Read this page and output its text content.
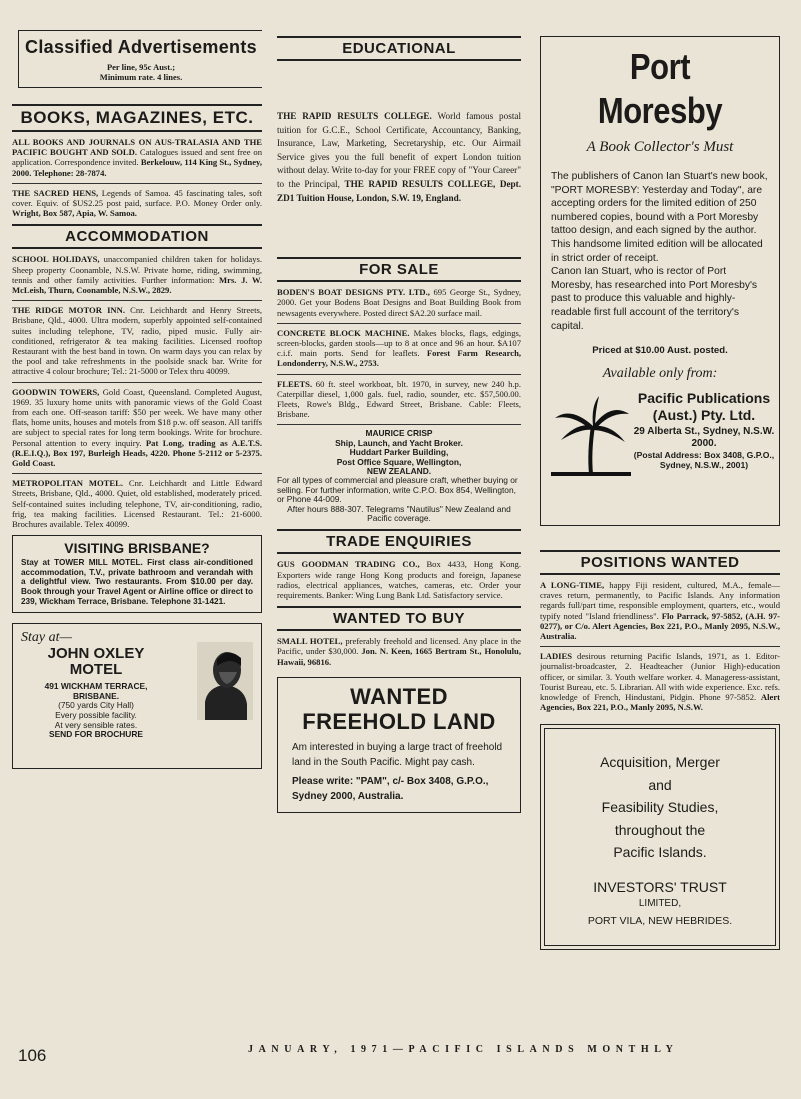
Classified Advertisements
Per line, 95c Aust.;
Minimum rate. 4 lines.
BOOKS, MAGAZINES, ETC.

ALL BOOKS AND JOURNALS ON AUS-TRALASIA AND THE PACIFIC BOUGHT AND SOLD. Catalogues issued and sent free on application. Correspondence invited. Berkelouw, 114 King St., Sydney, 2000. Telephone: 28-7874.

THE SACRED HENS, Legends of Samoa. 45 fascinating tales, soft cover. Equiv. of $US2.25 post paid, surface. P.O. Money Order only. Wright, Box 587, Apia, W. Samoa.

ACCOMMODATION

SCHOOL HOLIDAYS, unaccompanied children taken for holidays. Sheep property Coonamble, N.S.W. Private home, riding, swimming, tennis and other family activities. Further information: Mrs. J. W. McLeish, Thurn, Coonamble, N.S.W., 2829.

THE RIDGE MOTOR INN. Cnr. Leichhardt and Henry Streets, Brisbane, Qld., 4000. Ultra modern, superbly appointed self-contained suites including telephone, TV, radio, piped music. Fully air-conditioned, refrigerator & tea making facilities. Licensed rooftop Restaurant with the best band in town. On warm days you can relax by the pool and take refreshments in the poolside snack bar. Write for attractive 4 colour brochure; Tel.: 21-5000 or Telex thru 40099.

GOODWIN TOWERS, Gold Coast, Queensland. Completed August, 1969. 35 luxury home units with panoramic views of the Gold Coast from each one. Off-season tariff: $50 per week. We have many other flats, home units, houses and motels from $18 p.w. off season. All tariffs are subject to special rates for long term bookings. Write for brochure. Personal attention to every inquiry. Pat Long, trading as A.E.T.S. (R.E.I.Q.), Box 197, Burleigh Heads, 4220. Phone 5-2112 or 5-2375. Gold Coast.

METROPOLITAN MOTEL. Cnr. Leichhardt and Little Edward Streets, Brisbane, Qld., 4000. Quiet, old established, moderately priced. Self-contained suites including telephone, TV, air-conditioning, radio, frig, tea making facilities. Licensed Restaurant. Tel.: 21-6000. Brochures available. Telex 40099.

VISITING BRISBANE?
Stay at TOWER MILL MOTEL. First class air-conditioned accommodation, T.V., private bathroom and verandah with a delightful view. Two restaurants. From $10.00 per day. Book through your Travel Agent or Airline office or direct to 239, Wickham Terrace, Brisbane. Telephone 31-1421.
Stay at—
JOHN OXLEY MOTEL
491 WICKHAM TERRACE, BRISBANE.
(750 yards City Hall)
Every possible facility.
At very sensible rates.
SEND FOR BROCHURE
EDUCATIONAL

THE RAPID RESULTS COLLEGE. World famous postal tuition for G.C.E., School Certificate, Accountancy, Banking, Insurance, Law, Marketing, Secretaryship, etc. Our Airmail Service gives you the full benefit of expert London tuition without delay. Write to-day for your FREE copy of "Your Career" to the Principal, THE RAPID RESULTS COLLEGE, Dept. ZD1 Tuition House, London, S.W. 19, England.

FOR SALE

BODEN'S BOAT DESIGNS PTY. LTD., 695 George St., Sydney, 2000. Get your Bodens Boat Designs and Boat Building Book from newsagents everywhere. Posted direct $A2.20 surface mail.

CONCRETE BLOCK MACHINE. Makes blocks, flags, edgings, screen-blocks, garden stools—up to 8 at once and 96 an hour. $A107 c.i.f. main ports. Send for leaflets. Forest Farm Research, Londonderry, N.S.W., 2753.

FLEETS. 60 ft. steel workboat, blt. 1970, in survey, new 240 h.p. Caterpillar diesel, 1,000 gals. fuel, radio, sounder, etc. $57,500.00. Fleets, Rowe's Bldg., Edward Street, Brisbane. Cable: Fleets, Brisbane.

MAURICE CRISP
Ship, Launch, and Yacht Broker.
Huddart Parker Building,
Post Office Square, Wellington,
NEW ZEALAND.
For all types of commercial and pleasure craft, whether buying or selling. For further information, write C.P.O. Box 854, Wellington, or Phone 44-009.
After hours 888-307. Telegrams "Nautilus" New Zealand and Pacific coverage.
TRADE ENQUIRIES

GUS GOODMAN TRADING CO., Box 4433, Hong Kong. Exporters wide range Hong Kong products and foreign, Japanese radios, electrical appliances, watches, cameras, etc. Order your requirements. Banker: Wing Lung Bank Ltd. Satisfactory service.

WANTED TO BUY

SMALL HOTEL, preferably freehold and licensed. Any place in the Pacific, under $30,000. Jon. N. Keen, 1665 Bertram St., Honolulu, Hawaii, 96816.

WANTED
FREEHOLD LAND
Am interested in buying a large tract of freehold land in the South Pacific. Might pay cash.
Please write: "PAM", c/- Box 3408, G.P.O., Sydney 2000, Australia.
Port Moresby
A Book Collector's Must
The publishers of Canon Ian Stuart's new book, "PORT MORESBY: Yesterday and Today", are accepting orders for the limited edition of 250 numbered copies, bound with a Port Moresby tattoo design, and each signed by the author. This handsome limited edition will be allocated in strict order of receipt.
Canon Ian Stuart, who is rector of Port Moresby, has researched into Port Moresby's past to produce this valuable and highly-readable first full account of the territory's capital.
Priced at $10.00 Aust. posted.
Available only from:
Pacific Publications (Aust.) Pty. Ltd.
29 Alberta St., Sydney, N.S.W. 2000.
(Postal Address: Box 3408, G.P.O., Sydney, N.S.W., 2001)
POSITIONS WANTED

A LONG-TIME, happy Fiji resident, cultured, M.A., female—craves return, permanently, to Pacific Islands. Any information regards full/part time, responsible employment, quarters, etc., would typify noted "Island friendliness". Flo Parrack, 97-5852, (A.H. 97-0277), or C/o. Alert Agencies, Box 221, P.O., Manly 2095, N.S.W., Australia.

LADIES desirous returning Pacific Islands, 1971, as 1. Editor-journalist-broadcaster, 2. Headteacher (Junior High)-education officer, or similar. 3. Youth welfare worker. 4. Manageress-assistant, Tourist Bureau, etc. 5. Librarian. All with wide experience. Exc. refs. knowledge of French, Hindustani, Pidgin. Phone 97-5852. Alert Agencies, Box 221, P.O., Manly 2095, N.S.W.

Acquisition, Merger
and
Feasibility Studies,
throughout the
Pacific Islands.
INVESTORS' TRUST
LIMITED,
PORT VILA, NEW HEBRIDES.
106	JANUARY, 1971—PACIFIC ISLANDS MONTHLY
